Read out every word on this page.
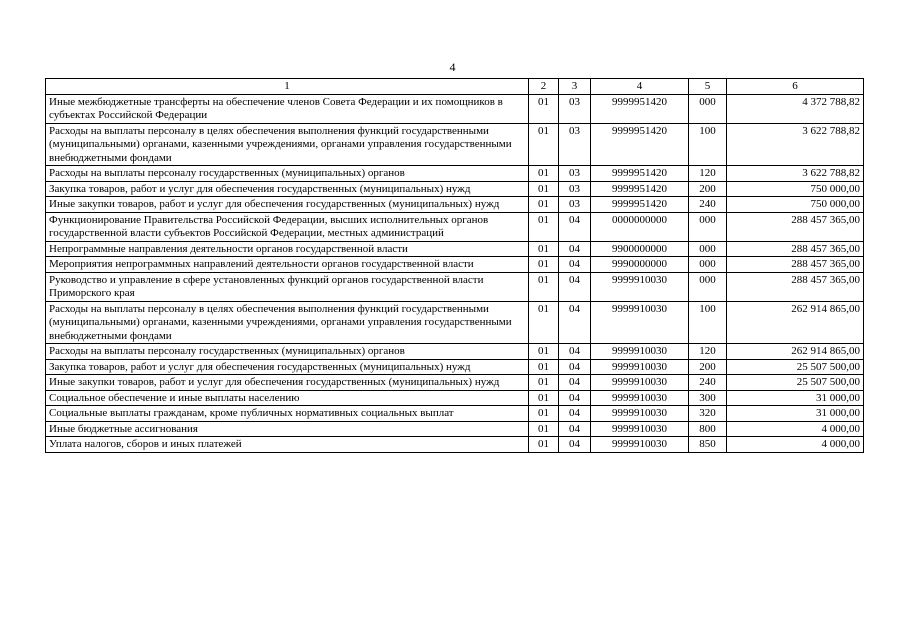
4
1	2	3	4	5	6
Иные межбюджетные трансферты на обеспечение членов Совета Федерации и их помощников в субъектах Российской Федерации	01	03	9999951420	000	4 372 788,82
Расходы на выплаты персоналу в целях обеспечения выполнения функций государственными (муниципальными) органами, казенными учреждениями, органами управления государственными внебюджетными фондами	01	03	9999951420	100	3 622 788,82
Расходы на выплаты персоналу государственных (муниципальных) органов	01	03	9999951420	120	3 622 788,82
Закупка товаров, работ и услуг для обеспечения государственных (муниципальных) нужд	01	03	9999951420	200	750 000,00
Иные закупки товаров, работ и услуг для обеспечения государственных (муниципальных) нужд	01	03	9999951420	240	750 000,00
Функционирование Правительства Российской Федерации, высших исполнительных органов государственной власти субъектов Российской Федерации, местных администраций	01	04	0000000000	000	288 457 365,00
Непрограммные направления деятельности органов государственной власти	01	04	9900000000	000	288 457 365,00
Мероприятия непрограммных направлений деятельности органов государственной власти	01	04	9990000000	000	288 457 365,00
Руководство и управление в сфере установленных функций органов государственной власти Приморского края	01	04	9999910030	000	288 457 365,00
Расходы на выплаты персоналу в целях обеспечения выполнения функций государственными (муниципальными) органами, казенными учреждениями, органами управления государственными внебюджетными фондами	01	04	9999910030	100	262 914 865,00
Расходы на выплаты персоналу государственных (муниципальных) органов	01	04	9999910030	120	262 914 865,00
Закупка товаров, работ и услуг для обеспечения государственных (муниципальных) нужд	01	04	9999910030	200	25 507 500,00
Иные закупки товаров, работ и услуг для обеспечения государственных (муниципальных) нужд	01	04	9999910030	240	25 507 500,00
Социальное обеспечение и иные выплаты населению	01	04	9999910030	300	31 000,00
Социальные выплаты гражданам, кроме публичных нормативных социальных выплат	01	04	9999910030	320	31 000,00
Иные бюджетные ассигнования	01	04	9999910030	800	4 000,00
Уплата налогов, сборов и иных платежей	01	04	9999910030	850	4 000,00
